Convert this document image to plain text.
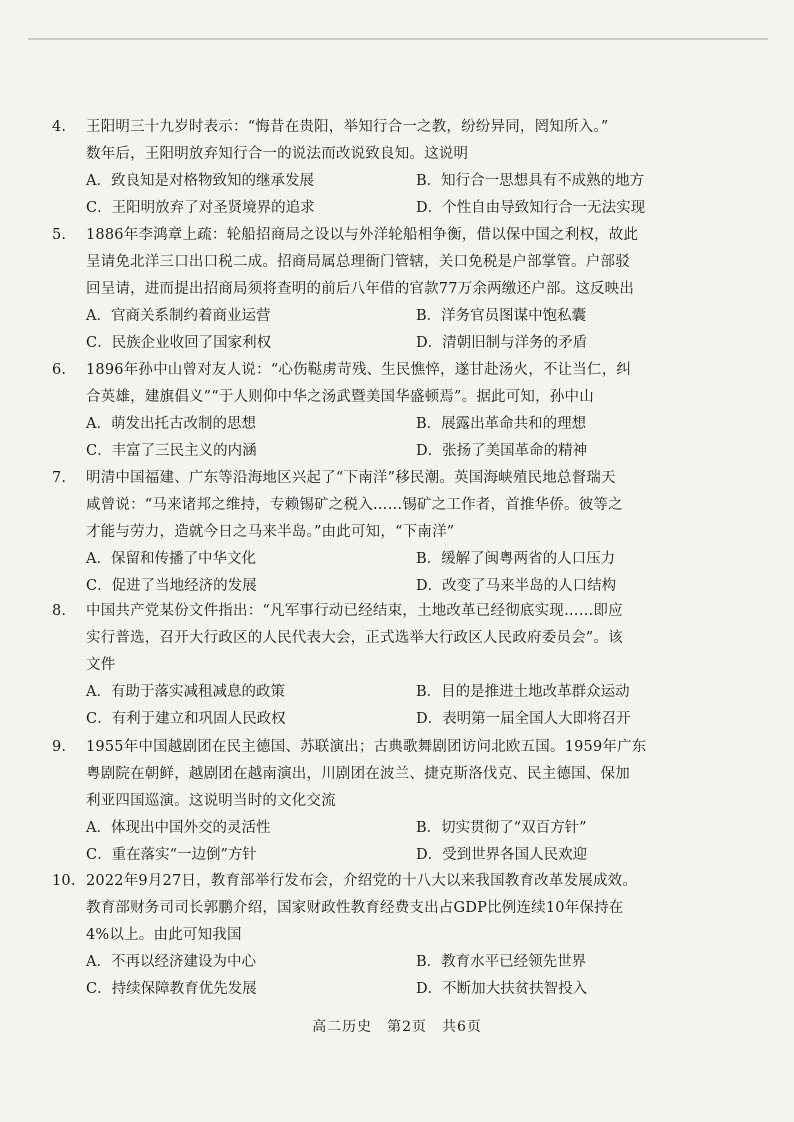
4. 王阳明三十九岁时表示：“悔昔在贵阳，举知行合一之教，纷纷异同，罔知所入。”
数年后，王阳明放弃知行合一的说法而改说致良知。这说明

A．致良知是对格物致知的继承发展	B．知行合一思想具有不成熟的地方
C．王阳明放弃了对圣贤境界的追求	D．个性自由导致知行合一无法实现

5. 1886年李鸿章上疏：轮船招商局之设以与外洋轮船相争衡，借以保中国之利权，故此
呈请免北洋三口出口税二成。招商局属总理衙门管辖，关口免税是户部掌管。户部驳
回呈请，进而提出招商局须将查明的前后八年借的官款77万余两缴还户部。这反映出

A．官商关系制约着商业运营	B．洋务官员图谋中饱私囊
C．民族企业收回了国家利权	D．清朝旧制与洋务的矛盾

6. 1896年孙中山曾对友人说：“心伤鞑虏苛残、生民憔悴，遂甘赴汤火，不让当仁，纠
合英雄，建旗倡义”“于人则仰中华之汤武暨美国华盛顿焉”。据此可知，孙中山

A．萌发出托古改制的思想	B．展露出革命共和的理想
C．丰富了三民主义的内涵	D．张扬了美国革命的精神

7. 明清中国福建、广东等沿海地区兴起了“下南洋”移民潮。英国海峡殖民地总督瑞天
咸曾说：“马来诸邦之维持，专赖锡矿之税入……锡矿之工作者，首推华侨。彼等之
才能与劳力，造就今日之马来半岛。”由此可知，“下南洋”

A．保留和传播了中华文化	B．缓解了闽粤两省的人口压力
C．促进了当地经济的发展	D．改变了马来半岛的人口结构

8. 中国共产党某份文件指出：“凡军事行动已经结束，土地改革已经彻底实现……即应
实行普选，召开大行政区的人民代表大会，正式选举大行政区人民政府委员会”。该
文件

A．有助于落实减租减息的政策	B．目的是推进土地改革群众运动
C．有利于建立和巩固人民政权	D．表明第一届全国人大即将召开

9. 1955年中国越剧团在民主德国、苏联演出；古典歌舞剧团访问北欧五国。1959年广东
粤剧院在朝鲜，越剧团在越南演出，川剧团在波兰、捷克斯洛伐克、民主德国、保加
利亚四国巡演。这说明当时的文化交流

A．体现出中国外交的灵活性	B．切实贯彻了“双百方针”
C．重在落实“一边倒”方针	D．受到世界各国人民欢迎

10. 2022年9月27日，教育部举行发布会，介绍党的十八大以来我国教育改革发展成效。
教育部财务司司长郭鹏介绍，国家财政性教育经费支出占GDP比例连续10年保持在
4%以上。由此可知我国

A．不再以经济建设为中心	B．教育水平已经领先世界
C．持续保障教育优先发展	D．不断加大扶贫扶智投入
高二历史　第2页　共6页
